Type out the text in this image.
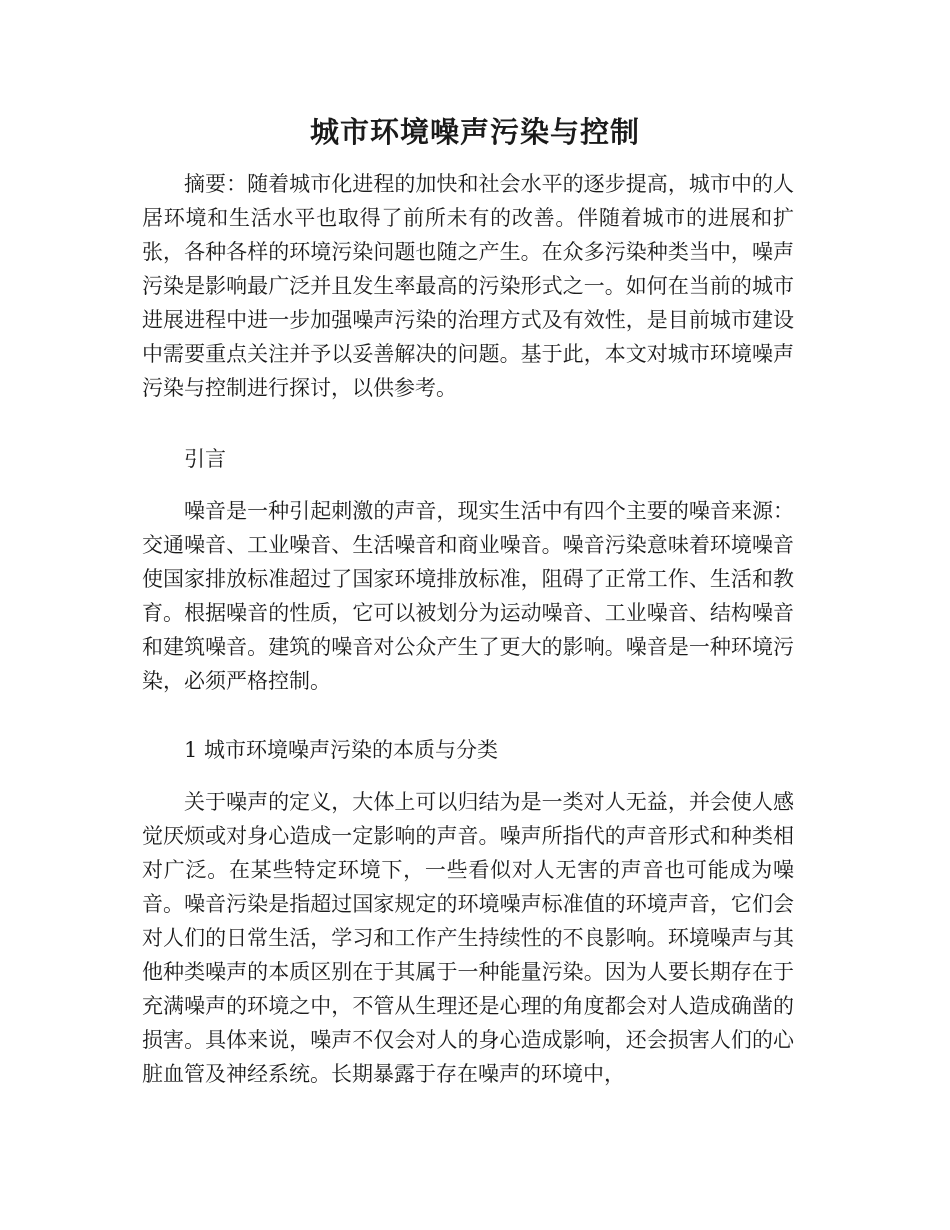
城市环境噪声污染与控制

摘要：随着城市化进程的加快和社会水平的逐步提高，城市中的人居环境和生活水平也取得了前所未有的改善。伴随着城市的进展和扩张，各种各样的环境污染问题也随之产生。在众多污染种类当中，噪声污染是影响最广泛并且发生率最高的污染形式之一。如何在当前的城市进展进程中进一步加强噪声污染的治理方式及有效性，是目前城市建设中需要重点关注并予以妥善解决的问题。基于此，本文对城市环境噪声污染与控制进行探讨，以供参考。

引言

噪音是一种引起刺激的声音，现实生活中有四个主要的噪音来源：交通噪音、工业噪音、生活噪音和商业噪音。噪音污染意味着环境噪音使国家排放标准超过了国家环境排放标准，阻碍了正常工作、生活和教育。根据噪音的性质，它可以被划分为运动噪音、工业噪音、结构噪音和建筑噪音。建筑的噪音对公众产生了更大的影响。噪音是一种环境污染，必须严格控制。

1 城市环境噪声污染的本质与分类

关于噪声的定义，大体上可以归结为是一类对人无益，并会使人感觉厌烦或对身心造成一定影响的声音。噪声所指代的声音形式和种类相对广泛。在某些特定环境下，一些看似对人无害的声音也可能成为噪音。噪音污染是指超过国家规定的环境噪声标准值的环境声音，它们会对人们的日常生活，学习和工作产生持续性的不良影响。环境噪声与其他种类噪声的本质区别在于其属于一种能量污染。因为人要长期存在于充满噪声的环境之中，不管从生理还是心理的角度都会对人造成确凿的损害。具体来说，噪声不仅会对人的身心造成影响，还会损害人们的心脏血管及神经系统。长期暴露于存在噪声的环境中，
